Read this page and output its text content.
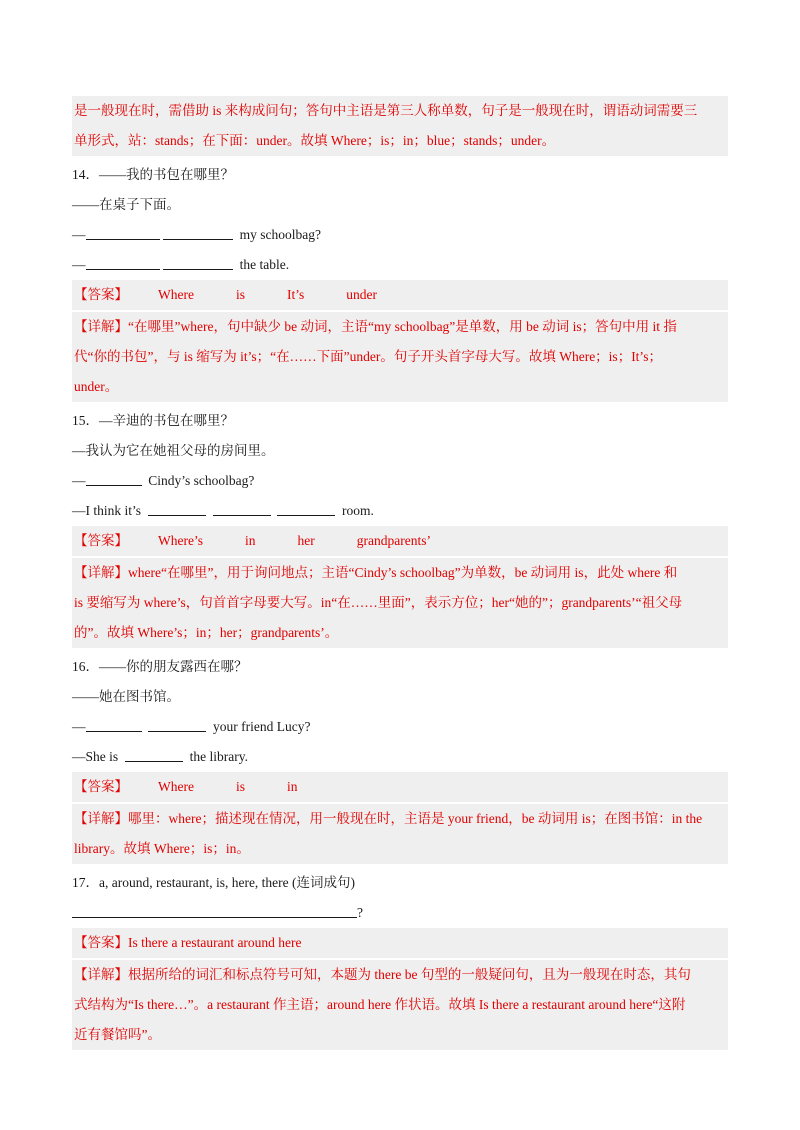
是一般现在时，需借助 is 来构成问句；答句中主语是第三人称单数，句子是一般现在时，谓语动词需要三
单形式，站：stands；在下面：under。故填 Where；is；in；blue；stands；under。
14．——我的书包在哪里？
——在桌子下面。
—	my schoolbag?
—	the table.
【答案】 Where	is	It’s	under
【详解】“在哪里”where，句中缺少 be 动词，主语“my schoolbag”是单数，用 be 动词 is；答句中用 it 指
代“你的书包”，与 is 缩写为 it’s；“在……下面”under。句子开头首字母大写。故填 Where；is；It’s；
under。
15．—辛迪的书包在哪里？
—我认为它在她祖父母的房间里。
—	Cindy’s schoolbag?
—I think it’s	room.
【答案】 Where’s	in	her	grandparents’
【详解】where“在哪里”，用于询问地点；主语“Cindy’s schoolbag”为单数，be 动词用 is，此处 where 和
is 要缩写为 where’s，句首首字母要大写。in“在……里面”，表示方位；her“她的”；grandparents’“祖父母
的”。故填 Where’s；in；her；grandparents’。
16．——你的朋友露西在哪？
——她在图书馆。
—	your friend Lucy?
—She is	the library.
【答案】 Where	is	in
【详解】哪里：where；描述现在情况，用一般现在时，主语是 your friend，be 动词用 is；在图书馆：in the
library。故填 Where；is；in。
17．a, around, restaurant, is, here, there (连词成句)
?
【答案】Is there a restaurant around here
【详解】根据所给的词汇和标点符号可知，本题为 there be 句型的一般疑问句，且为一般现在时态，其句
式结构为“Is there…”。a restaurant 作主语；around here 作状语。故填 Is there a restaurant around here“这附
近有餐馆吗”。
